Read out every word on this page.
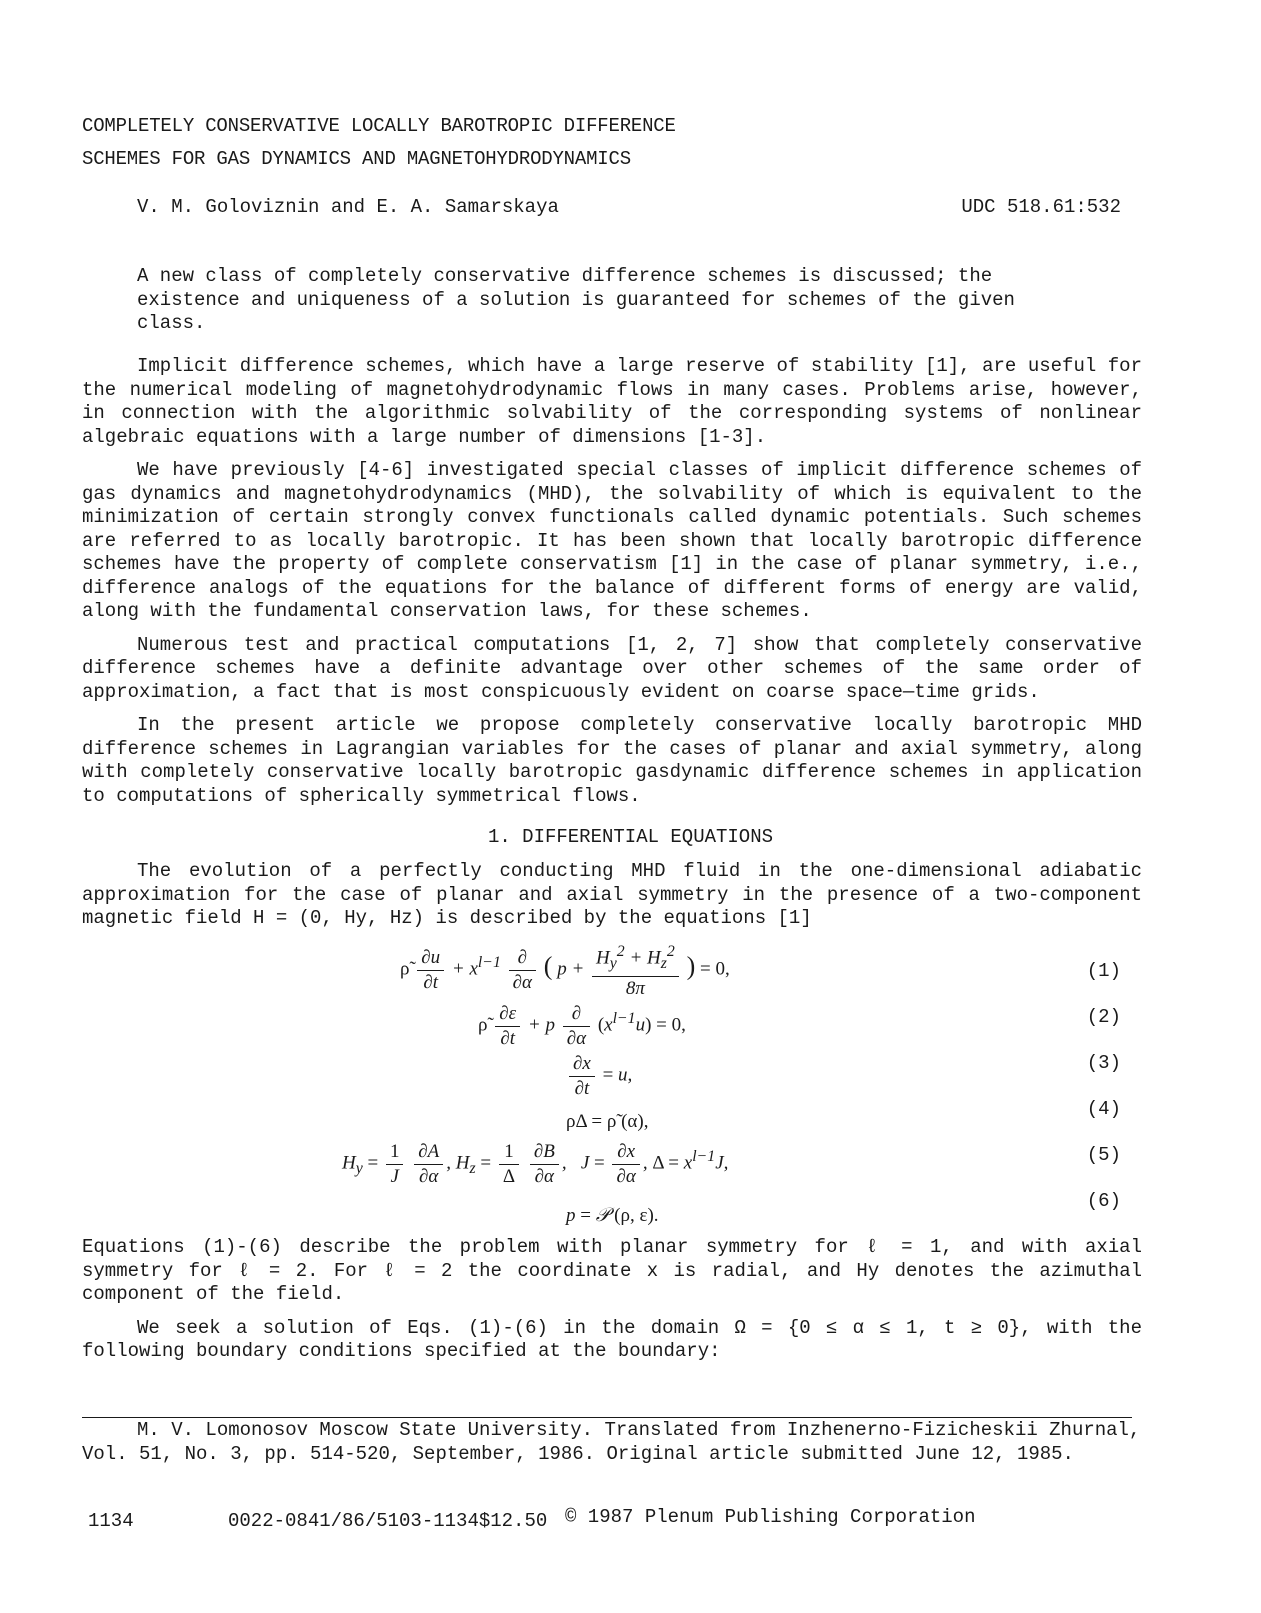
COMPLETELY CONSERVATIVE LOCALLY BAROTROPIC DIFFERENCE
SCHEMES FOR GAS DYNAMICS AND MAGNETOHYDRODYNAMICS
V. M. Goloviznin and E. A. Samarskaya	UDC 518.61:532
A new class of completely conservative difference schemes is discussed; the existence and uniqueness of a solution is guaranteed for schemes of the given class.

Implicit difference schemes, which have a large reserve of stability [1], are useful for the numerical modeling of magnetohydrodynamic flows in many cases. Problems arise, however, in connection with the algorithmic solvability of the corresponding systems of nonlinear algebraic equations with a large number of dimensions [1-3].

We have previously [4-6] investigated special classes of implicit difference schemes of gas dynamics and magnetohydrodynamics (MHD), the solvability of which is equivalent to the minimization of certain strongly convex functionals called dynamic potentials. Such schemes are referred to as locally barotropic. It has been shown that locally barotropic difference schemes have the property of complete conservatism [1] in the case of planar symmetry, i.e., difference analogs of the equations for the balance of different forms of energy are valid, along with the fundamental conservation laws, for these schemes.

Numerous test and practical computations [1, 2, 7] show that completely conservative difference schemes have a definite advantage over other schemes of the same order of approximation, a fact that is most conspicuously evident on coarse space—time grids.

In the present article we propose completely conservative locally barotropic MHD difference schemes in Lagrangian variables for the cases of planar and axial symmetry, along with completely conservative locally barotropic gasdynamic difference schemes in application to computations of spherically symmetrical flows.

1. DIFFERENTIAL EQUATIONS

The evolution of a perfectly conducting MHD fluid in the one-dimensional adiabatic approximation for the case of planar and axial symmetry in the presence of a two-component magnetic field H = (0, Hy, Hz) is described by the equations [1]

ρ̃ $\frac{\partial u}{\partial t} + x^{l-1} \frac{\partial}{\partial\alpha}$ ( $p + \frac{H_y^2 + H_z^2}{8\pi}$ ) = 0,	(1)
ρ̃ $\frac{\partial\varepsilon}{\partial t} + p \frac{\partial}{\partial\alpha} (x^{l-1}u) = 0$,	(2)
$\frac{\partial x}{\partial t} = u$,
(3)
ρΔ = ρ̃ (α),
(4)
$H_y = \frac{1}{J}$
$\frac{\partial A}{\partial\alpha}$ , $H_z = \frac{1}{\Delta}$
$\frac{\partial B}{\partial\alpha}$ ,   $J = \frac{\partial x}{\partial\alpha}$ , $\Delta = x^{l-1}J$,	(5)
p = 𝒫 (ρ, ε).
(6)

Equations (1)-(6) describe the problem with planar symmetry for ℓ = 1, and with axial symmetry for ℓ = 2. For ℓ = 2 the coordinate x is radial, and Hy denotes the azimuthal component of the field.

We seek a solution of Eqs. (1)-(6) in the domain Ω = {0 ≤ α ≤ 1, t ≥ 0}, with the following boundary conditions specified at the boundary:

M. V. Lomonosov Moscow State University. Translated from Inzhenerno-Fizicheskii Zhurnal, Vol. 51, No. 3, pp. 514-520, September, 1986. Original article submitted June 12, 1985.

1134	0022-0841/86/5103-1134$12.50 © 1987 Plenum Publishing Corporation
